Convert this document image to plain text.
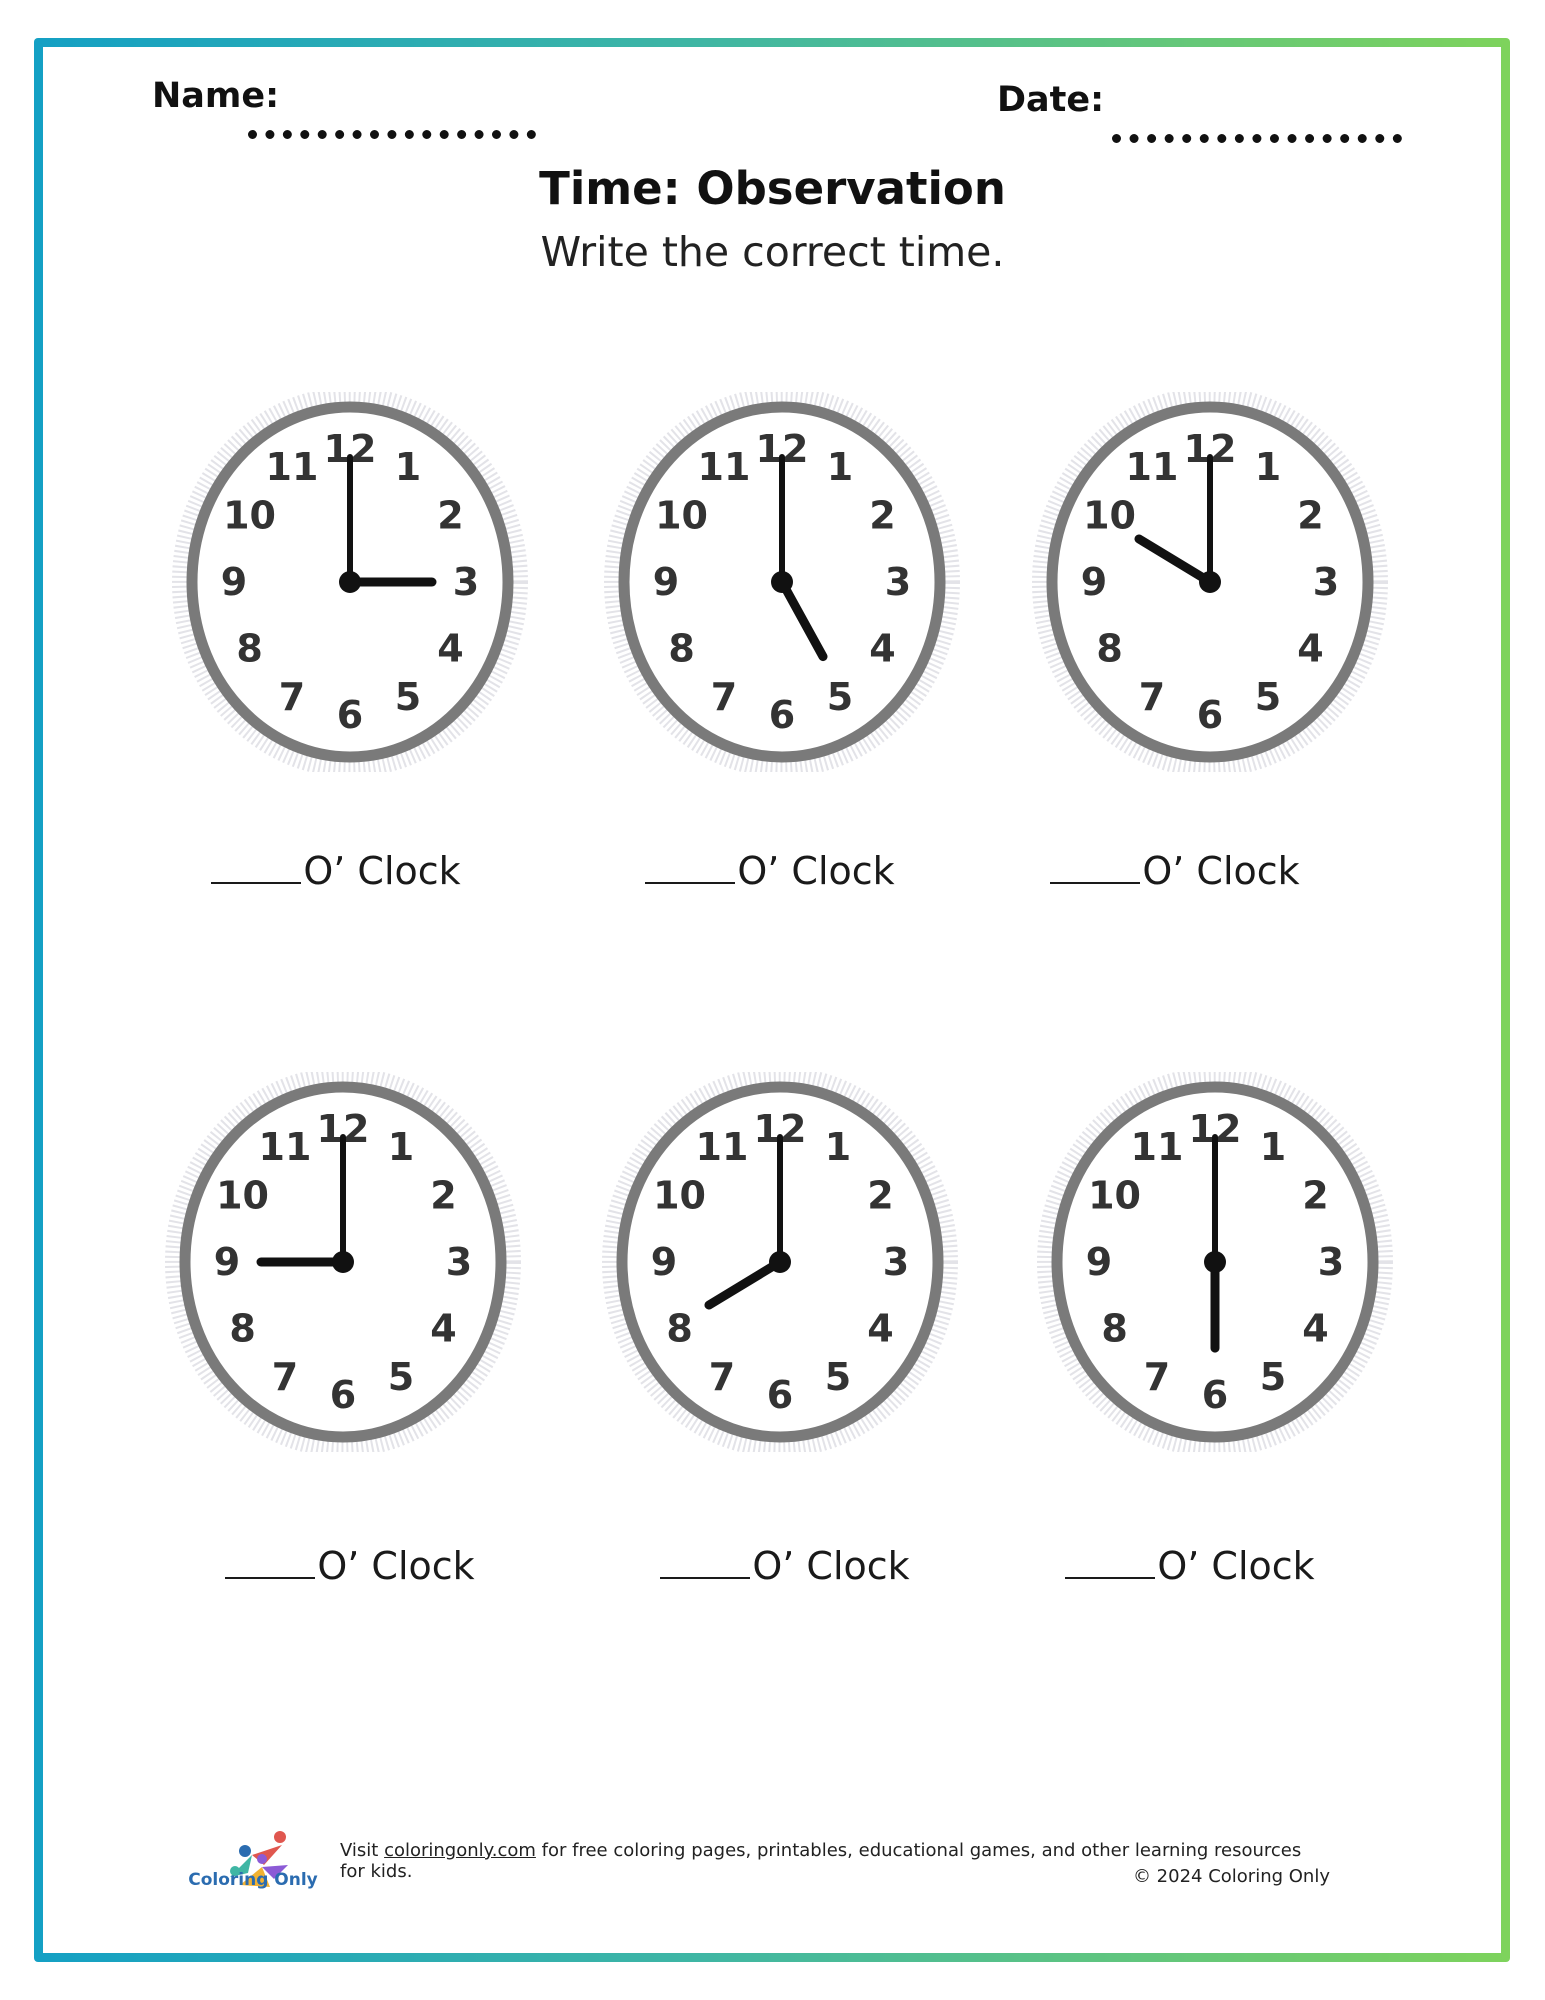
Name:	Date:
Time: Observation
Write the correct time.
12 1
2
3
4
5
6
7
8
9
10
11
O’ Clock
12 1
2
3
4
5
6
7
8
9
10
11
O’ Clock
12 1
2
3
4
5
6
7
8
9
10
11
O’ Clock
12 1
2
3
4
5
6
7
8
9
10
11
O’ Clock
12 1
2
3
4
5
6
7
8
9
10
11
O’ Clock
12 1
2
3
4
5
6
7
8
9
10
11
O’ Clock
Coloring Only
Visit coloringonly.com for free coloring pages, printables, educational games, and other learning resources for kids.	© 2024 Coloring Only
